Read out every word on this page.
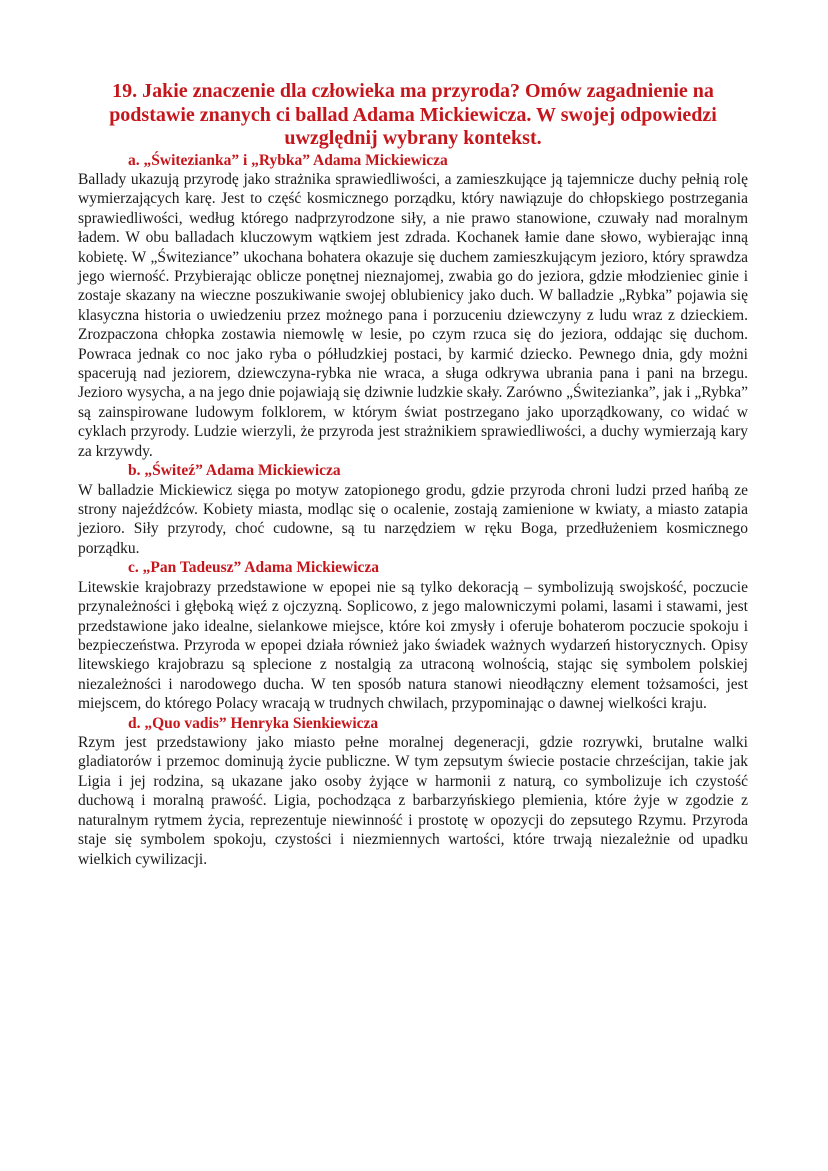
19. Jakie znaczenie dla człowieka ma przyroda? Omów zagadnienie na podstawie znanych ci ballad Adama Mickiewicza. W swojej odpowiedzi uwzględnij wybrany kontekst.
a. „Świtezianka” i „Rybka” Adama Mickiewicza

Ballady ukazują przyrodę jako strażnika sprawiedliwości, a zamieszkujące ją tajemnicze duchy pełnią rolę wymierzających karę. Jest to część kosmicznego porządku, który nawiązuje do chłopskiego postrzegania sprawiedliwości, według którego nadprzyrodzone siły, a nie prawo stanowione, czuwały nad moralnym ładem. W obu balladach kluczowym wątkiem jest zdrada. Kochanek łamie dane słowo, wybierając inną kobietę. W „Świteziance” ukochana bohatera okazuje się duchem zamieszkującym jezioro, który sprawdza jego wierność. Przybierając oblicze ponętnej nieznajomej, zwabia go do jeziora, gdzie młodzieniec ginie i zostaje skazany na wieczne poszukiwanie swojej oblubienicy jako duch. W balladzie „Rybka” pojawia się klasyczna historia o uwiedzeniu przez możnego pana i porzuceniu dziewczyny z ludu wraz z dzieckiem. Zrozpaczona chłopka zostawia niemowlę w lesie, po czym rzuca się do jeziora, oddając się duchom. Powraca jednak co noc jako ryba o półludzkiej postaci, by karmić dziecko. Pewnego dnia, gdy możni spacerują nad jeziorem, dziewczyna-rybka nie wraca, a sługa odkrywa ubrania pana i pani na brzegu. Jezioro wysycha, a na jego dnie pojawiają się dziwnie ludzkie skały. Zarówno „Świtezianka”, jak i „Rybka” są zainspirowane ludowym folklorem, w którym świat postrzegano jako uporządkowany, co widać w cyklach przyrody. Ludzie wierzyli, że przyroda jest strażnikiem sprawiedliwości, a duchy wymierzają kary za krzywdy.

b. „Świteź” Adama Mickiewicza

W balladzie Mickiewicz sięga po motyw zatopionego grodu, gdzie przyroda chroni ludzi przed hańbą ze strony najeźdźców. Kobiety miasta, modląc się o ocalenie, zostają zamienione w kwiaty, a miasto zatapia jezioro. Siły przyrody, choć cudowne, są tu narzędziem w ręku Boga, przedłużeniem kosmicznego porządku.

c. „Pan Tadeusz” Adama Mickiewicza

Litewskie krajobrazy przedstawione w epopei nie są tylko dekoracją – symbolizują swojskość, poczucie przynależności i głęboką więź z ojczyzną. Soplicowo, z jego malowniczymi polami, lasami i stawami, jest przedstawione jako idealne, sielankowe miejsce, które koi zmysły i oferuje bohaterom poczucie spokoju i bezpieczeństwa. Przyroda w epopei działa również jako świadek ważnych wydarzeń historycznych. Opisy litewskiego krajobrazu są splecione z nostalgią za utraconą wolnością, stając się symbolem polskiej niezależności i narodowego ducha. W ten sposób natura stanowi nieodłączny element tożsamości, jest miejscem, do którego Polacy wracają w trudnych chwilach, przypominając o dawnej wielkości kraju.

d. „Quo vadis” Henryka Sienkiewicza

Rzym jest przedstawiony jako miasto pełne moralnej degeneracji, gdzie rozrywki, brutalne walki gladiatorów i przemoc dominują życie publiczne. W tym zepsutym świecie postacie chrześcijan, takie jak Ligia i jej rodzina, są ukazane jako osoby żyjące w harmonii z naturą, co symbolizuje ich czystość duchową i moralną prawość. Ligia, pochodząca z barbarzyńskiego plemienia, które żyje w zgodzie z naturalnym rytmem życia, reprezentuje niewinność i prostotę w opozycji do zepsutego Rzymu. Przyroda staje się symbolem spokoju, czystości i niezmiennych wartości, które trwają niezależnie od upadku wielkich cywilizacji.
